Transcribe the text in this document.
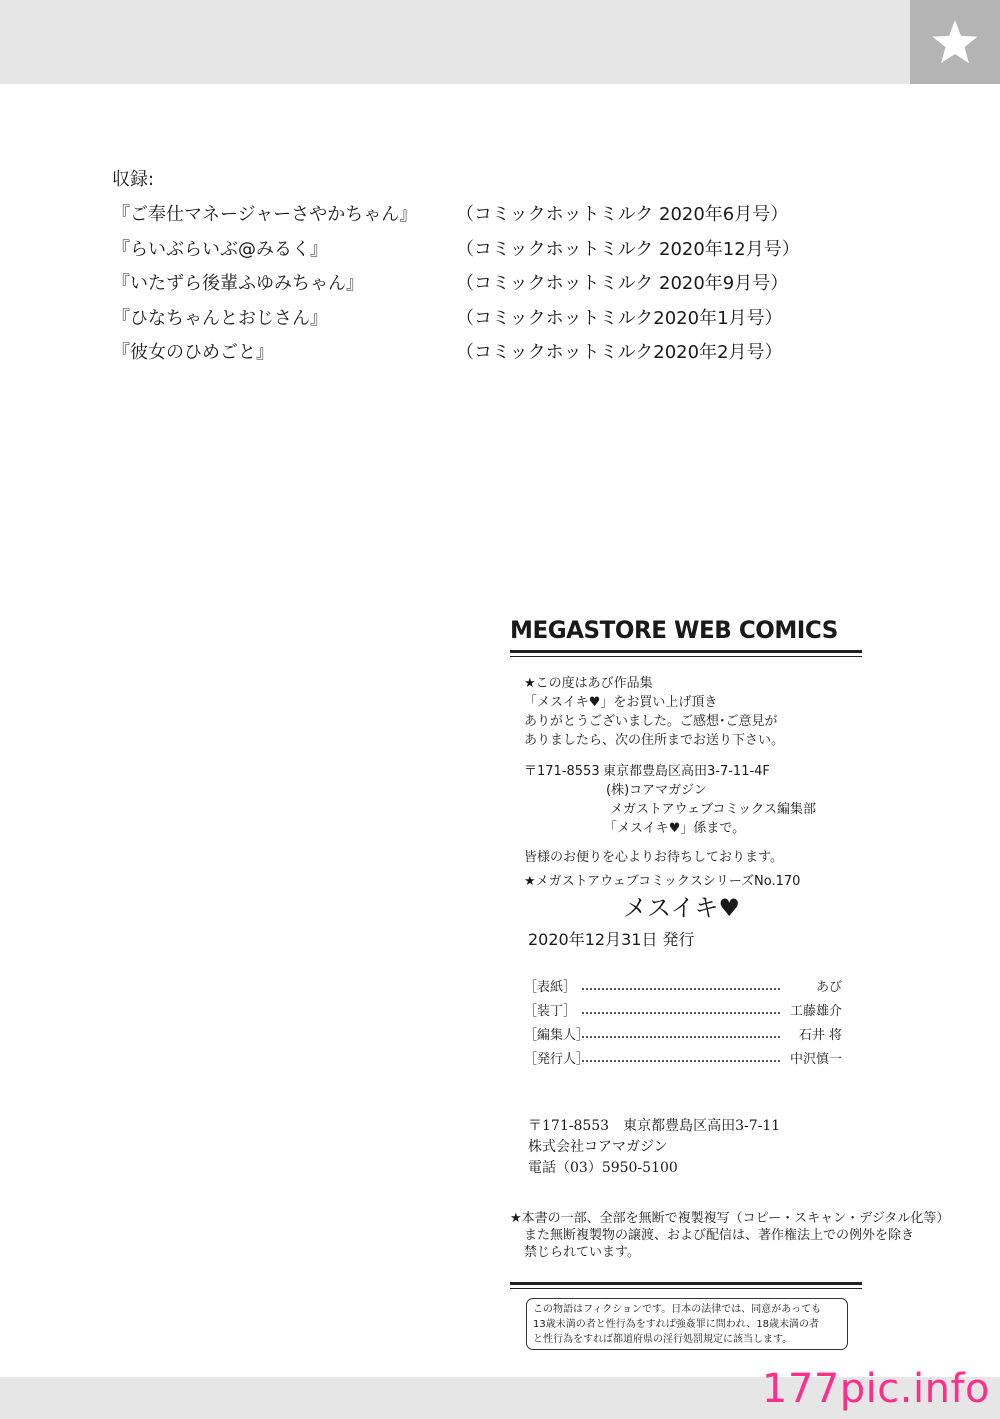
収録:
『ご奉仕マネージャーさやかちゃん』 （コミックホットミルク 2020年6月号）
『らいぶらいぶ@みるく』	（コミックホットミルク 2020年12月号）
『いたずら後輩ふゆみちゃん』	（コミックホットミルク 2020年9月号）
『ひなちゃんとおじさん』	（コミックホットミルク2020年1月号）
『彼女のひめごと』	（コミックホットミルク2020年2月号）
MEGASTORE WEB COMICS
★この度はあび作品集
「メスイキ♥」をお買い上げ頂き
ありがとうございました。ご感想･ご意見が
ありましたら、次の住所までお送り下さい。
〒171-8553 東京都豊島区高田3-7-11-4F
(株)コアマガジン
メガストアウェブコミックス編集部
「メスイキ♥」係まで。
皆様のお便りを心よりお待ちしております。
★メガストアウェブコミックスシリーズNo.170
メスイキ♥
2020年12月31日 発行
［表紙］	あび
［装丁］	工藤雄介
［編集人］	石井 将
［発行人］	中沢慎一
〒171-8553　東京都豊島区高田3-7-11
株式会社コアマガジン
電話（03）5950-5100
★本書の一部、全部を無断で複製複写（コピー・スキャン・デジタル化等）
また無断複製物の譲渡、および配信は、著作権法上での例外を除き
禁じられています。
この物語はフィクションです。日本の法律では、同意があっても
13歳未満の者と性行為をすれば強姦罪に問われ、18歳未満の者
と性行為をすれば都道府県の淫行処罰規定に該当します。
177pic.info
